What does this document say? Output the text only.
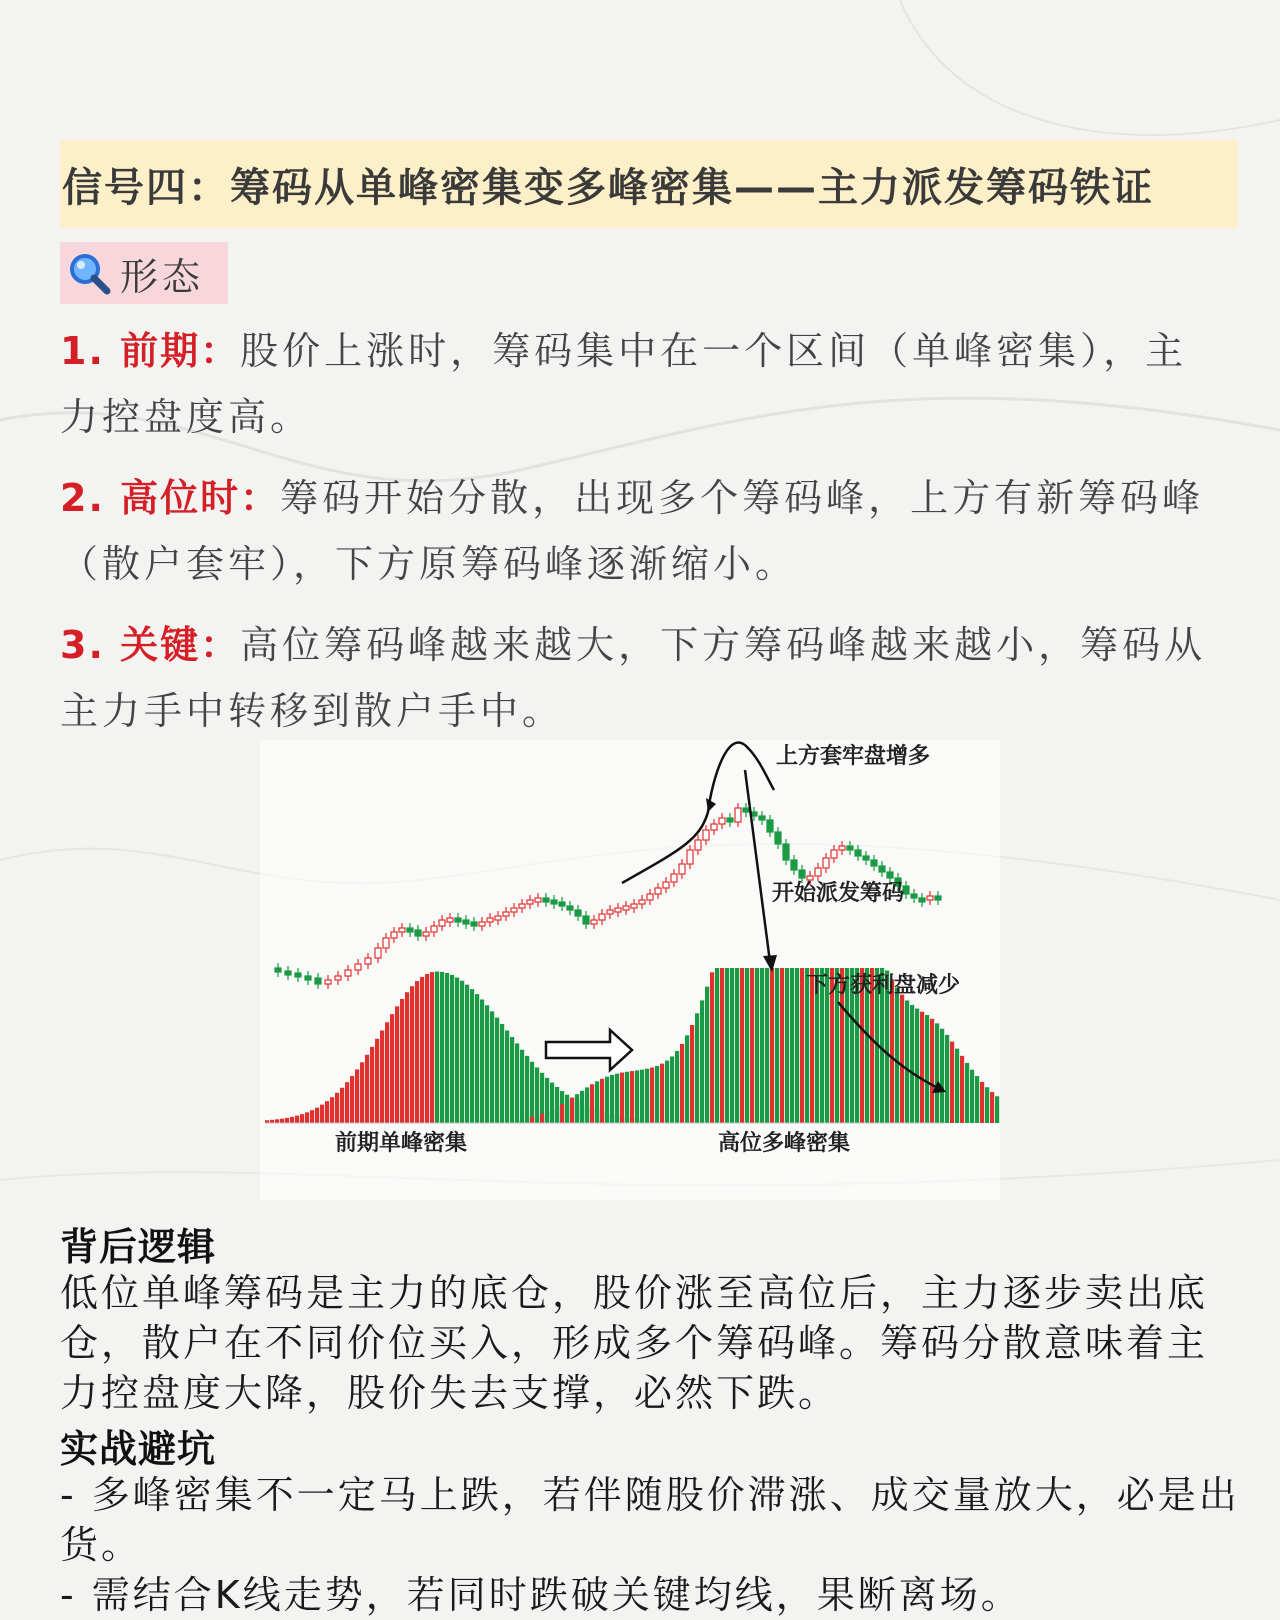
信号四：筹码从单峰密集变多峰密集——主力派发筹码铁证
形态
1. 前期：股价上涨时，筹码集中在一个区间（单峰密集），主力控盘度高。
2. 高位时：筹码开始分散，出现多个筹码峰，上方有新筹码峰（散户套牢），下方原筹码峰逐渐缩小。
3. 关键：高位筹码峰越来越大，下方筹码峰越来越小，筹码从主力手中转移到散户手中。
上方套牢盘增多
开始派发筹码
下方获利盘减少
前期单峰密集	高位多峰密集
背后逻辑
低位单峰筹码是主力的底仓，股价涨至高位后，主力逐步卖出底仓，散户在不同价位买入，形成多个筹码峰。筹码分散意味着主力控盘度大降，股价失去支撑，必然下跌。
实战避坑
- 多峰密集不一定马上跌，若伴随股价滞涨、成交量放大，必是出货。
- 需结合K线走势，若同时跌破关键均线，果断离场。
